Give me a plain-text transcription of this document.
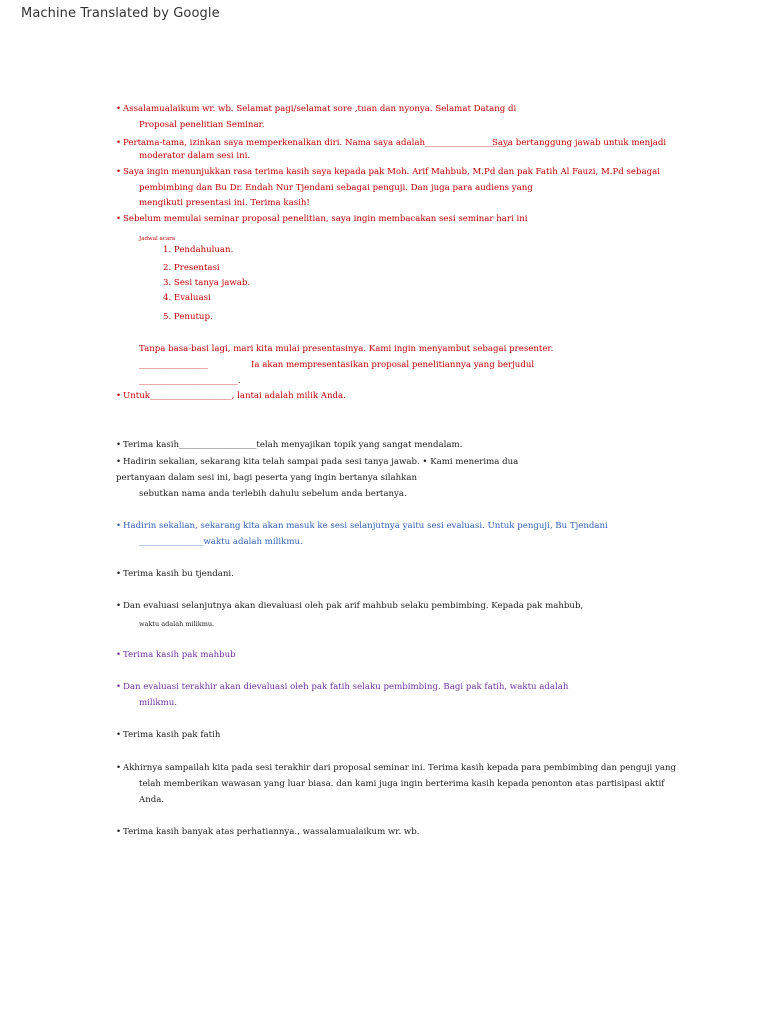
Machine Translated by Google
• Assalamualaikum wr. wb. Selamat pagi/selamat sore ,tuan dan nyonya. Selamat Datang di
Proposal penelitian Seminar.
• Pertama-tama, izinkan saya memperkenalkan diri. Nama saya adalah___________________,
Saya bertanggung jawab untuk menjadi
moderator dalam sesi ini.
• Saya ingin menunjukkan rasa terima kasih saya kepada pak Moh. Arif Mahbub, M.Pd dan pak Fatih Al Fauzi, M.Pd sebagai
pembimbing dan Bu Dr. Endah Nur Tjendani sebagai penguji. Dan juga para audiens yang
mengikuti presentasi ini. Terima kasih!
• Sebelum memulai seminar proposal penelitian, saya ingin membacakan sesi seminar hari ini
Jadwal acara
1. Pendahuluan.
2. Presentasi
3. Sesi tanya jawab.
4. Evaluasi
5. Penutup.
Tanpa basa-basi lagi, mari kita mulai presentasinya. Kami ingin menyambut sebagai presenter.
________________	Ia akan mempresentasikan proposal penelitiannya yang berjudul
_______________________.
• Untuk___________________, lantai adalah milik Anda.
• Terima kasih__________________telah menyajikan topik yang sangat mendalam.
• Hadirin sekalian, sekarang kita telah sampai pada sesi tanya jawab. • Kami menerima dua
pertanyaan dalam sesi ini, bagi peserta yang ingin bertanya silahkan
sebutkan nama anda terlebih dahulu sebelum anda bertanya.
• Hadirin sekalian, sekarang kita akan masuk ke sesi selanjutnya yaitu sesi evaluasi. Untuk penguji, Bu Tjendani
_______________waktu adalah milikmu.
• Terima kasih bu tjendani.
• Dan evaluasi selanjutnya akan dievaluasi oleh pak arif mahbub selaku pembimbing. Kepada pak mahbub,
waktu adalah milikmu.
• Terima kasih pak mahbub
• Dan evaluasi terakhir akan dievaluasi oleh pak fatih selaku pembimbing. Bagi pak fatih, waktu adalah
milikmu.
• Terima kasih pak fatih
• Akhirnya sampailah kita pada sesi terakhir dari proposal seminar ini. Terima kasih kepada para pembimbing dan penguji yang
telah memberikan wawasan yang luar biasa. dan kami juga ingin berterima kasih kepada penonton atas partisipasi aktif
Anda.
• Terima kasih banyak atas perhatiannya., wassalamualaikum wr. wb.
